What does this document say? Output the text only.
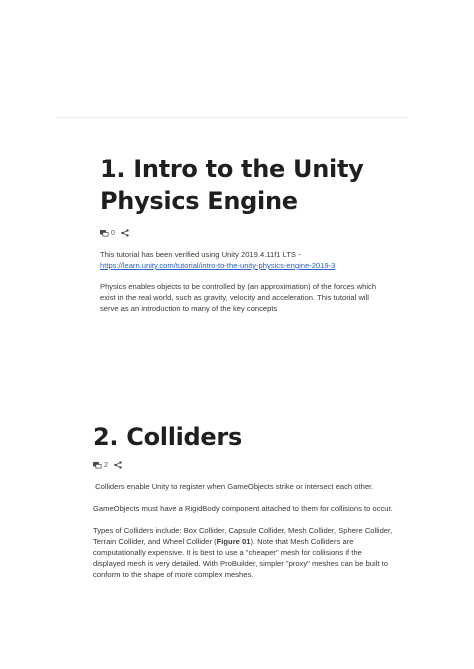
1. Intro to the Unity
Physics Engine
0

This tutorial has been verified using Unity 2019.4.11f1 LTS -
https://learn.unity.com/tutorial/intro-to-the-unity-physics-engine-2019-3

Physics enables objects to be controlled by (an approximation) of the forces which exist in the real world, such as gravity, velocity and acceleration. This tutorial will serve as an introduction to many of the key concepts

2. Colliders
2

Colliders enable Unity to register when GameObjects strike or intersect each other.

GameObjects must have a RigidBody component attached to them for collisions to occur.

Types of Colliders include: Box Collider, Capsule Collider, Mesh Collider, Sphere Collider, Terrain Collider, and Wheel Collider (Figure 01). Note that Mesh Colliders are computationally expensive. It is best to use a "cheaper" mesh for collisions if the displayed mesh is very detailed. With ProBuilder, simpler "proxy" meshes can be built to conform to the shape of more complex meshes.
